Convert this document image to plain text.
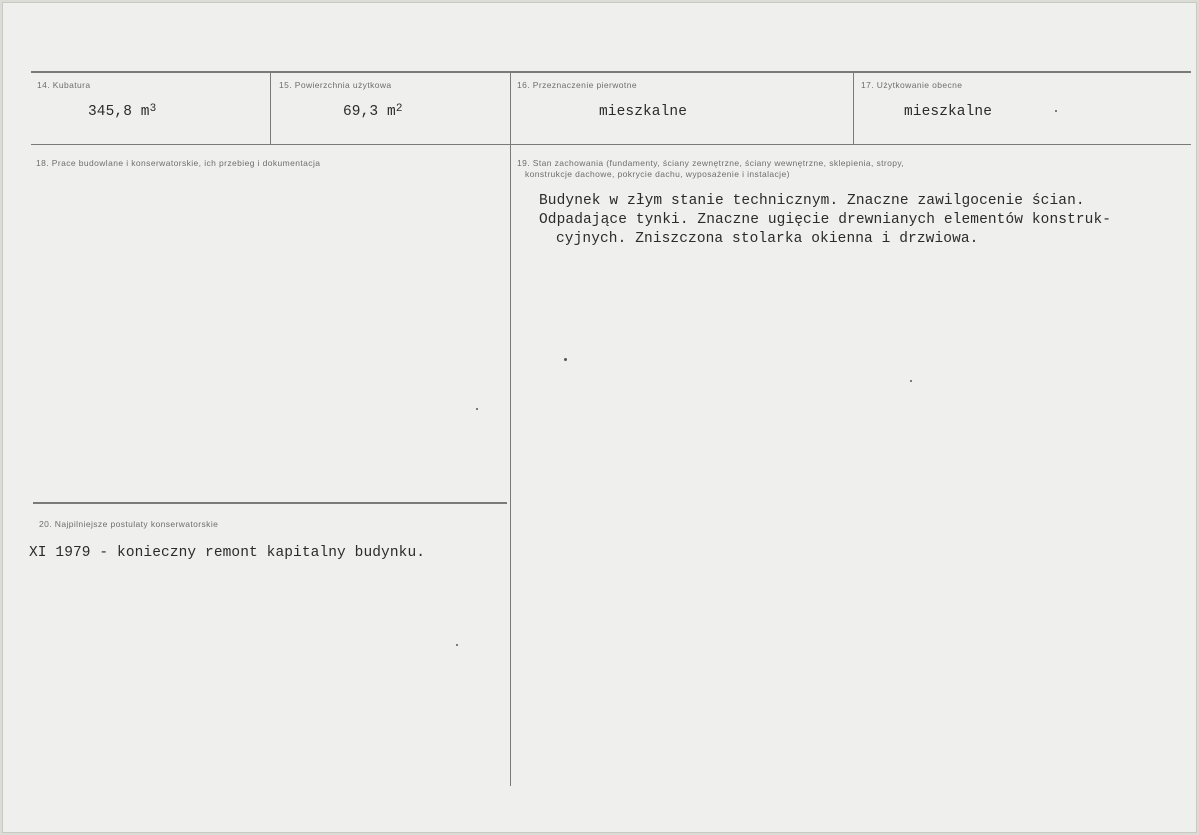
14. Kubatura
345,8 $m^3$
15. Powierzchnia użytkowa
69,3 $m^2$
16. Przeznaczenie pierwotne
mieszkalne
17. Użytkowanie obecne
mieszkalne
18. Prace budowlane i konserwatorskie, ich przebieg i dokumentacja	19. Stan zachowania (fundamenty, ściany zewnętrzne, ściany wewnętrzne, sklepienia, stropy,
konstrukcje dachowe, pokrycie dachu, wyposażenie i instalacje)
Budynek w złym stanie technicznym. Znaczne zawilgocenie ścian.
Odpadające tynki. Znaczne ugięcie drewnianych elementów konstruk-
cyjnych. Zniszczona stolarka okienna i drzwiowa.
20. Najpilniejsze postulaty konserwatorskie
XI 1979 - konieczny remont kapitalny budynku.
